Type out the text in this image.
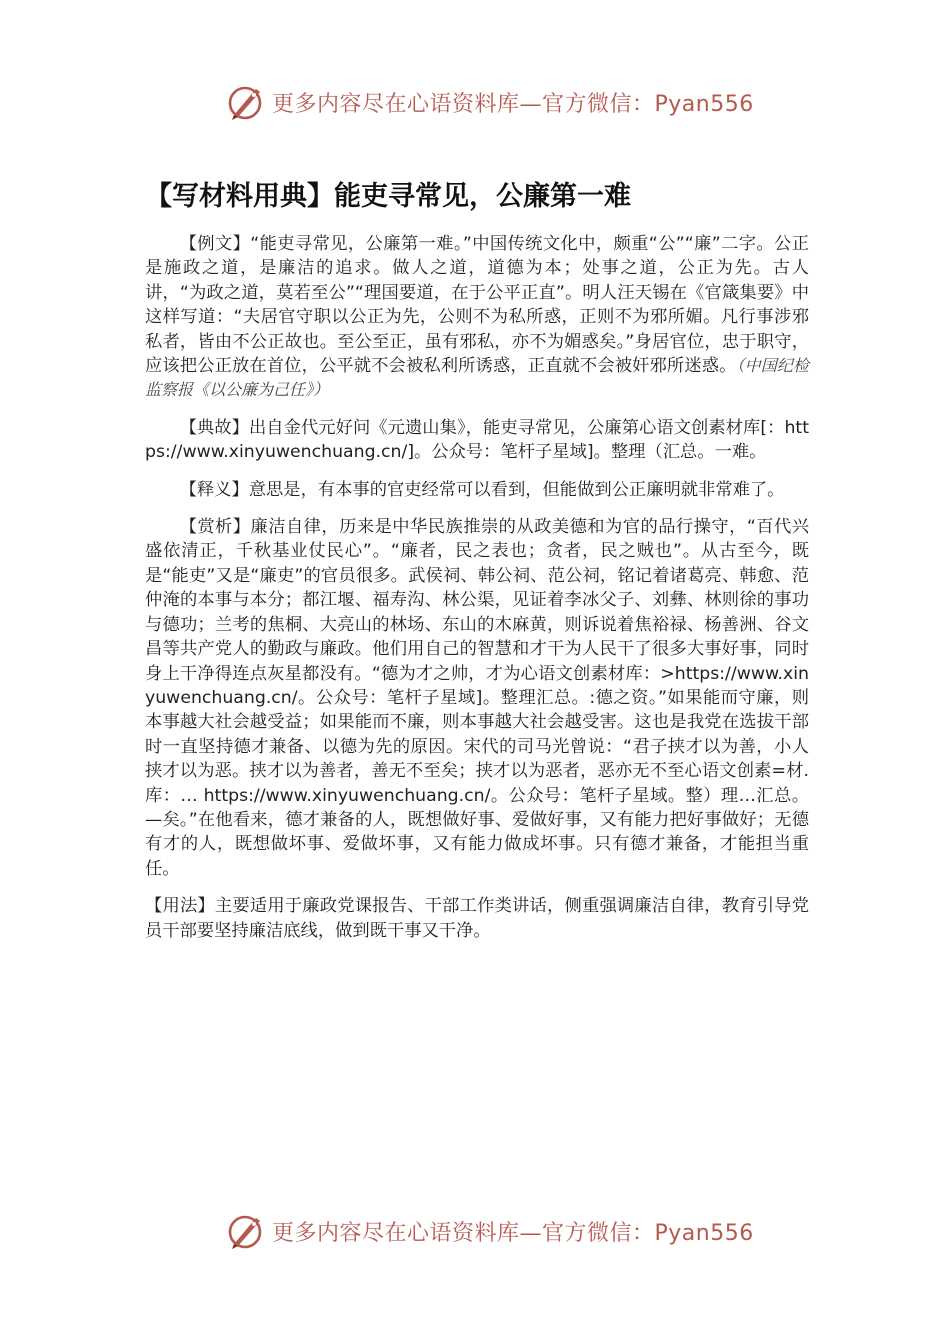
更多内容尽在心语资料库—官方微信：Pyan556
【写材料用典】能吏寻常见，公廉第一难

【例文】“能吏寻常见，公廉第一难。”中国传统文化中，颇重“公”“廉”二字。公正是施政之道，是廉洁的追求。做人之道，道德为本；处事之道，公正为先。古人讲，“为政之道，莫若至公”“理国要道，在于公平正直”。明人汪天锡在《官箴集要》中这样写道：“夫居官守职以公正为先，公则不为私所惑，正则不为邪所媚。凡行事涉邪私者，皆由不公正故也。至公至正，虽有邪私，亦不为媚惑矣。”身居官位，忠于职守，应该把公正放在首位，公平就不会被私利所诱惑，正直就不会被奸邪所迷惑。（中国纪检监察报《以公廉为己任》）

【典故】出自金代元好问《元遗山集》，能吏寻常见，公廉第心语文创素材库[：https://www.xinyuwenchuang.cn/]。公众号：笔杆子星域]。整理（汇总。一难。

【释义】意思是，有本事的官吏经常可以看到，但能做到公正廉明就非常难了。

【赏析】廉洁自律，历来是中华民族推崇的从政美德和为官的品行操守，“百代兴盛依清正，千秋基业仗民心”。“廉者，民之表也；贪者，民之贼也”。从古至今，既是“能吏”又是“廉吏”的官员很多。武侯祠、韩公祠、范公祠，铭记着诸葛亮、韩愈、范仲淹的本事与本分；都江堰、福寿沟、林公渠，见证着李冰父子、刘彝、林则徐的事功与德功；兰考的焦桐、大亮山的林场、东山的木麻黄，则诉说着焦裕禄、杨善洲、谷文昌等共产党人的勤政与廉政。他们用自己的智慧和才干为人民干了很多大事好事，同时身上干净得连点灰星都没有。“德为才之帅，才为心语文创素材库：>https://www.xinyuwenchuang.cn/。公众号：笔杆子星域]。整理汇总。:德之资。”如果能而守廉，则本事越大社会越受益；如果能而不廉，则本事越大社会越受害。这也是我党在选拔干部时一直坚持德才兼备、以德为先的原因。宋代的司马光曾说：“君子挟才以为善，小人挟才以为恶。挟才以为善者，善无不至矣；挟才以为恶者，恶亦无不至心语文创素=材.库：… https://www.xinyuwenchuang.cn/。公众号：笔杆子星域。整）理…汇总。—矣。”在他看来，德才兼备的人，既想做好事、爱做好事，又有能力把好事做好；无德有才的人，既想做坏事、爱做坏事，又有能力做成坏事。只有德才兼备，才能担当重任。

【用法】主要适用于廉政党课报告、干部工作类讲话，侧重强调廉洁自律，教育引导党员干部要坚持廉洁底线，做到既干事又干净。

更多内容尽在心语资料库—官方微信：Pyan556
